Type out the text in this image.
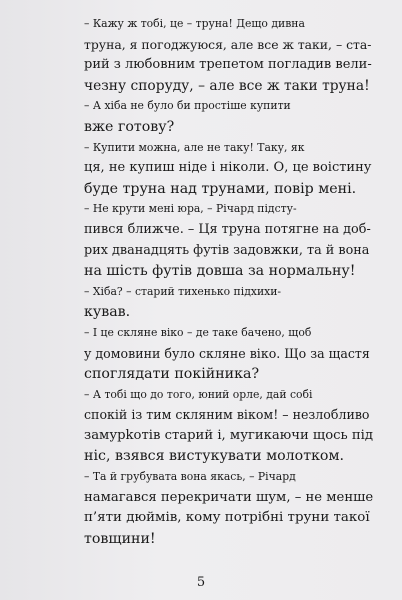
– Кажу ж тобі, це – труна! Дещо дивна
труна, я погоджуюся, але все ж таки, – ста-
рий з любовним трепетом погладив вели-
чезну споруду, – але все ж таки труна!

– А хіба не було би простіше купити
вже готову?

– Купити можна, але не таку! Таку, як
ця, не купиш ніде і ніколи. О, це воістину
буде труна над трунами, повір мені.

– Не крути мені юра, – Річард підсту-
пився ближче. – Ця труна потягне на доб-
рих дванадцять футів задовжки, та й вона
на шість футів довша за нормальну!

– Хіба? – старий тихенько підхихи-
кував.

– І це скляне віко – де таке бачено, щоб
у домовини було скляне віко. Що за щастя
споглядати покійника?

– А тобі що до того, юний орле, дай собі
спокій із тим скляним віком! – незлобливо
замурkотів старий і, мугикаючи щось під
ніс, взявся вистукувати молотком.

– Та й грубувата вона якась, – Річард
намагався перекричати шум, – не менше
п’яти дюймів, кому потрібні труни такої
товщини!

5
